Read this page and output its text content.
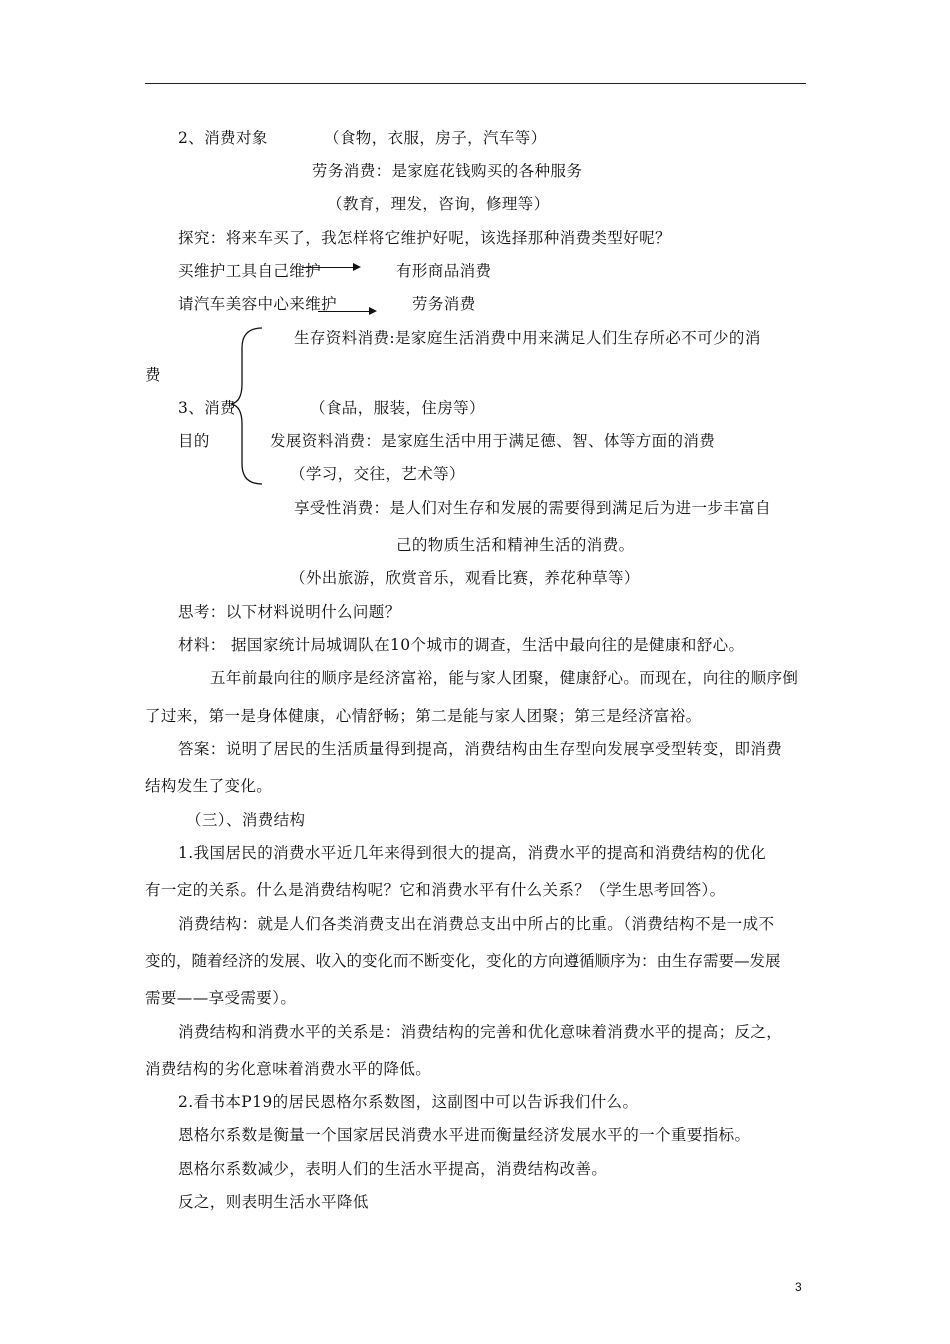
2、消费对象	（食物，衣服，房子，汽车等）
劳务消费：是家庭花钱购买的各种服务
（教育，理发，咨询，修理等）
探究：将来车买了，我怎样将它维护好呢，该选择那种消费类型好呢？
买维护工具自己维护	有形商品消费
请汽车美容中心来维护	劳务消费
生存资料消费:是家庭生活消费中用来满足人们生存所必不可少的消
费
3、消费	（食品，服装，住房等）
目的	发展资料消费：是家庭生活中用于满足德、智、体等方面的消费
（学习，交往，艺术等）
享受性消费：是人们对生存和发展的需要得到满足后为进一步丰富自
己的物质生活和精神生活的消费。
（外出旅游，欣赏音乐，观看比赛，养花种草等）
思考：以下材料说明什么问题？
材料： 据国家统计局城调队在10个城市的调查，生活中最向往的是健康和舒心。
五年前最向往的顺序是经济富裕，能与家人团聚，健康舒心。而现在，向往的顺序倒
了过来，第一是身体健康，心情舒畅；第二是能与家人团聚；第三是经济富裕。
答案：说明了居民的生活质量得到提高，消费结构由生存型向发展享受型转变，即消费
结构发生了变化。
（三）、消费结构
1.我国居民的消费水平近几年来得到很大的提高，消费水平的提高和消费结构的优化
有一定的关系。什么是消费结构呢？它和消费水平有什么关系？（学生思考回答）。
消费结构：就是人们各类消费支出在消费总支出中所占的比重。（消费结构不是一成不
变的，随着经济的发展、收入的变化而不断变化，变化的方向遵循顺序为：由生存需要—发展
需要——享受需要）。
消费结构和消费水平的关系是：消费结构的完善和优化意味着消费水平的提高；反之，
消费结构的劣化意味着消费水平的降低。
2.看书本P19的居民恩格尔系数图，这副图中可以告诉我们什么。
恩格尔系数是衡量一个国家居民消费水平进而衡量经济发展水平的一个重要指标。
恩格尔系数减少，表明人们的生活水平提高，消费结构改善。
反之，则表明生活水平降低
3
